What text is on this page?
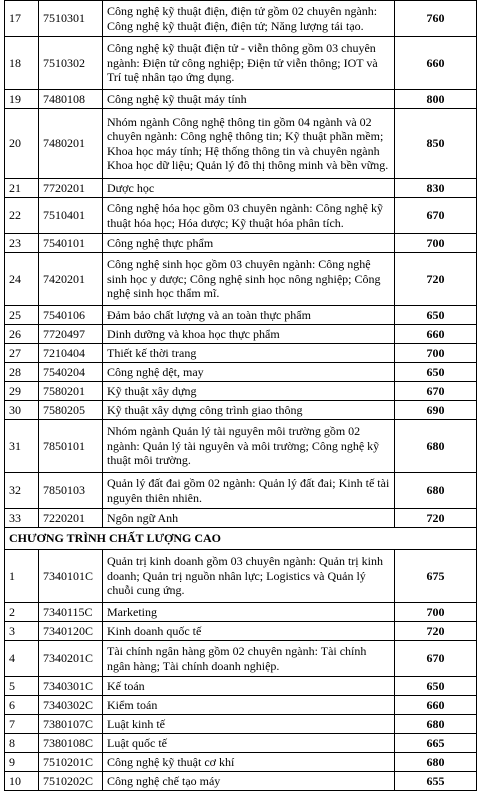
17	7510301	Công nghệ kỹ thuật điện, điện tử gồm 02 chuyên ngành: Công nghệ kỹ thuật điện, điện tử; Năng lượng tái tạo.	760
18	7510302	Công nghệ kỹ thuật điện tử - viễn thông gồm 03 chuyên ngành: Điện tử công nghiệp; Điện tử viễn thông; IOT và Trí tuệ nhân tạo ứng dụng.	660
19	7480108	Công nghệ kỹ thuật máy tính	800
20	7480201	Nhóm ngành Công nghệ thông tin gồm 04 ngành và 02 chuyên ngành: Công nghệ thông tin; Kỹ thuật phần mềm; Khoa học máy tính; Hệ thống thông tin và chuyên ngành Khoa học dữ liệu; Quản lý đô thị thông minh và bền vững.	850
21	7720201	Dược học	830
22	7510401	Công nghệ hóa học gồm 03 chuyên ngành: Công nghệ kỹ thuật hóa học; Hóa dược; Kỹ thuật hóa phân tích.	670
23	7540101	Công nghệ thực phẩm	700
24	7420201	Công nghệ sinh học gồm 03 chuyên ngành: Công nghệ sinh học y dược; Công nghệ sinh học nông nghiệp; Công nghệ sinh học thẩm mĩ.	720
25	7540106	Đảm bảo chất lượng và an toàn thực phẩm	650
26	7720497	Dinh dưỡng và khoa học thực phẩm	660
27	7210404	Thiết kế thời trang	700
28	7540204	Công nghệ dệt, may	650
29	7580201	Kỹ thuật xây dựng	670
30	7580205	Kỹ thuật xây dựng công trình giao thông	690
31	7850101	Nhóm ngành Quản lý tài nguyên môi trường gồm 02 ngành: Quản lý tài nguyên và môi trường; Công nghệ kỹ thuật môi trường.	680
32	7850103	Quản lý đất đai gồm 02 ngành: Quản lý đất đai; Kinh tế tài nguyên thiên nhiên.	680
33	7220201	Ngôn ngữ Anh	720
CHƯƠNG TRÌNH CHẤT LƯỢNG CAO			
1	7340101C	Quản trị kinh doanh gồm 03 chuyên ngành: Quản trị kinh doanh; Quản trị nguồn nhân lực; Logistics và Quản lý chuỗi cung ứng.	675
2	7340115C	Marketing	700
3	7340120C	Kinh doanh quốc tế	720
4	7340201C	Tài chính ngân hàng gồm 02 chuyên ngành: Tài chính ngân hàng; Tài chính doanh nghiệp.	670
5	7340301C	Kế toán	650
6	7340302C	Kiểm toán	660
7	7380107C	Luật kinh tế	680
8	7380108C	Luật quốc tế	665
9	7510201C	Công nghệ kỹ thuật cơ khí	680
10	7510202C	Công nghệ chế tạo máy	655
